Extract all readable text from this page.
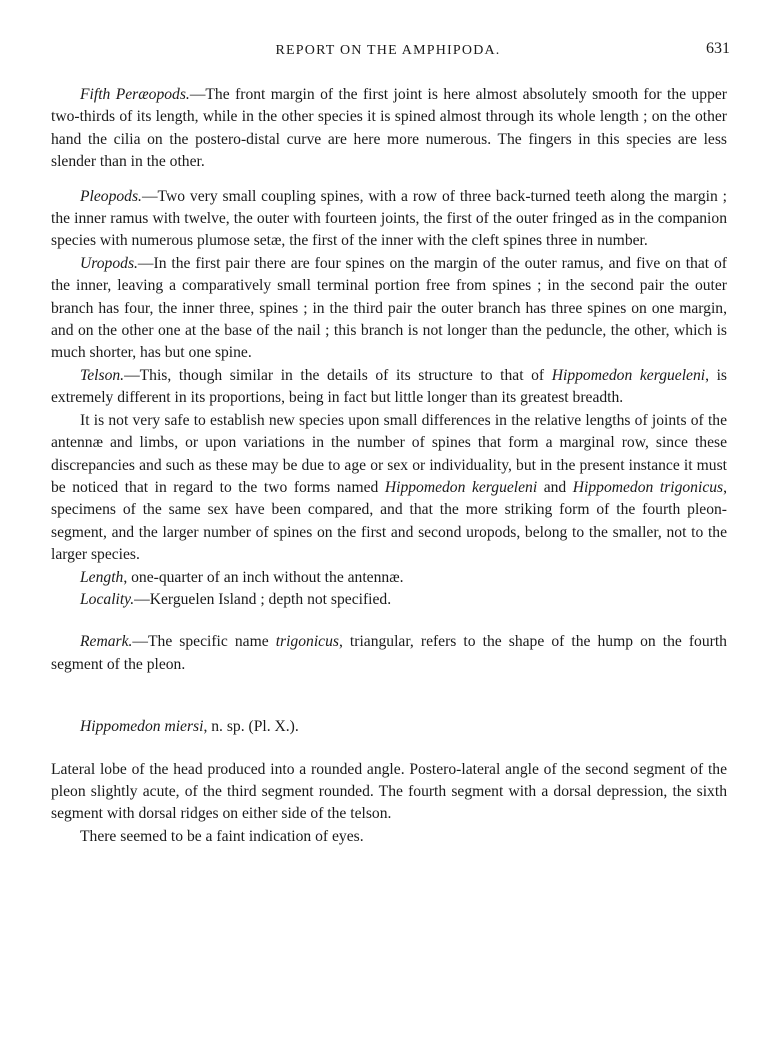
REPORT ON THE AMPHIPODA.	631

Fifth Peræopods.—The front margin of the first joint is here almost absolutely smooth for the upper two-thirds of its length, while in the other species it is spined almost through its whole length ; on the other hand the cilia on the postero-distal curve are here more numerous. The fingers in this species are less slender than in the other.

Pleopods.—Two very small coupling spines, with a row of three back-turned teeth along the margin ; the inner ramus with twelve, the outer with fourteen joints, the first of the outer fringed as in the companion species with numerous plumose setæ, the first of the inner with the cleft spines three in number.

Uropods.—In the first pair there are four spines on the margin of the outer ramus, and five on that of the inner, leaving a comparatively small terminal portion free from spines ; in the second pair the outer branch has four, the inner three, spines ; in the third pair the outer branch has three spines on one margin, and on the other one at the base of the nail ; this branch is not longer than the peduncle, the other, which is much shorter, has but one spine.

Telson.—This, though similar in the details of its structure to that of Hippomedon kergueleni, is extremely different in its proportions, being in fact but little longer than its greatest breadth.

It is not very safe to establish new species upon small differences in the relative lengths of joints of the antennæ and limbs, or upon variations in the number of spines that form a marginal row, since these discrepancies and such as these may be due to age or sex or individuality, but in the present instance it must be noticed that in regard to the two forms named Hippomedon kergueleni and Hippomedon trigonicus, specimens of the same sex have been compared, and that the more striking form of the fourth pleon-segment, and the larger number of spines on the first and second uropods, belong to the smaller, not to the larger species.

Length, one-quarter of an inch without the antennæ.

Locality.—Kerguelen Island ; depth not specified.

Remark.—The specific name trigonicus, triangular, refers to the shape of the hump on the fourth segment of the pleon.

Hippomedon miersi, n. sp. (Pl. X.).

Lateral lobe of the head produced into a rounded angle. Postero-lateral angle of the second segment of the pleon slightly acute, of the third segment rounded. The fourth segment with a dorsal depression, the sixth segment with dorsal ridges on either side of the telson.

There seemed to be a faint indication of eyes.
